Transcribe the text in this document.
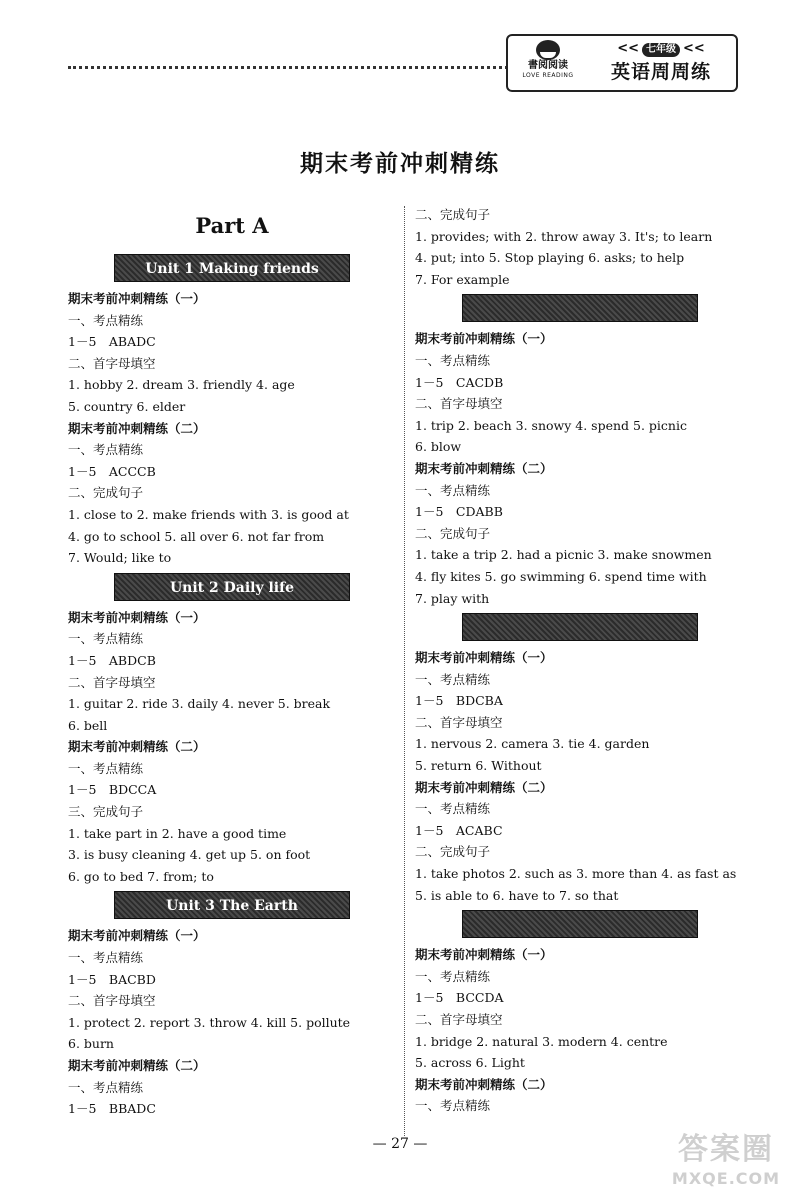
書阅阅读
LOVE READING
<< 七年级 <<
英语周周练
期末考前冲刺精练
Part A
Unit 1 Making friends
期末考前冲刺精练（一）
一、考点精练
1－5　ABADC
二、首字母填空
1. hobby 2. dream 3. friendly 4. age
5. country 6. elder
期末考前冲刺精练（二）
一、考点精练
1－5　ACCCB
二、完成句子
1. close to 2. make friends with 3. is good at
4. go to school 5. all over 6. not far from
7. Would; like to
Unit 2 Daily life
期末考前冲刺精练（一）
一、考点精练
1－5　ABDCB
二、首字母填空
1. guitar 2. ride 3. daily 4. never 5. break
6. bell
期末考前冲刺精练（二）
一、考点精练
1－5　BDCCA
三、完成句子
1. take part in 2. have a good time
3. is busy cleaning 4. get up 5. on foot
6. go to bed 7. from; to
Unit 3 The Earth
期末考前冲刺精练（一）
一、考点精练
1－5　BACBD
二、首字母填空
1. protect 2. report 3. throw 4. kill 5. pollute
6. burn
期末考前冲刺精练（二）
一、考点精练
1－5　BBADC
二、完成句子
1. provides; with 2. throw away 3. It's; to learn
4. put; into 5. Stop playing 6. asks; to help
7. For example
期末考前冲刺精练（一）
一、考点精练
1－5　CACDB
二、首字母填空
1. trip 2. beach 3. snowy 4. spend 5. picnic
6. blow
期末考前冲刺精练（二）
一、考点精练
1－5　CDABB
二、完成句子
1. take a trip 2. had a picnic 3. make snowmen
4. fly kites 5. go swimming 6. spend time with
7. play with
期末考前冲刺精练（一）
一、考点精练
1－5　BDCBA
二、首字母填空
1. nervous 2. camera 3. tie 4. garden
5. return 6. Without
期末考前冲刺精练（二）
一、考点精练
1－5　ACABC
二、完成句子
1. take photos 2. such as 3. more than 4. as fast as
5. is able to 6. have to 7. so that
期末考前冲刺精练（一）
一、考点精练
1－5　BCCDA
二、首字母填空
1. bridge 2. natural 3. modern 4. centre
5. across 6. Light
期末考前冲刺精练（二）
一、考点精练
— 27 —	答案圈
MXQE.COM
